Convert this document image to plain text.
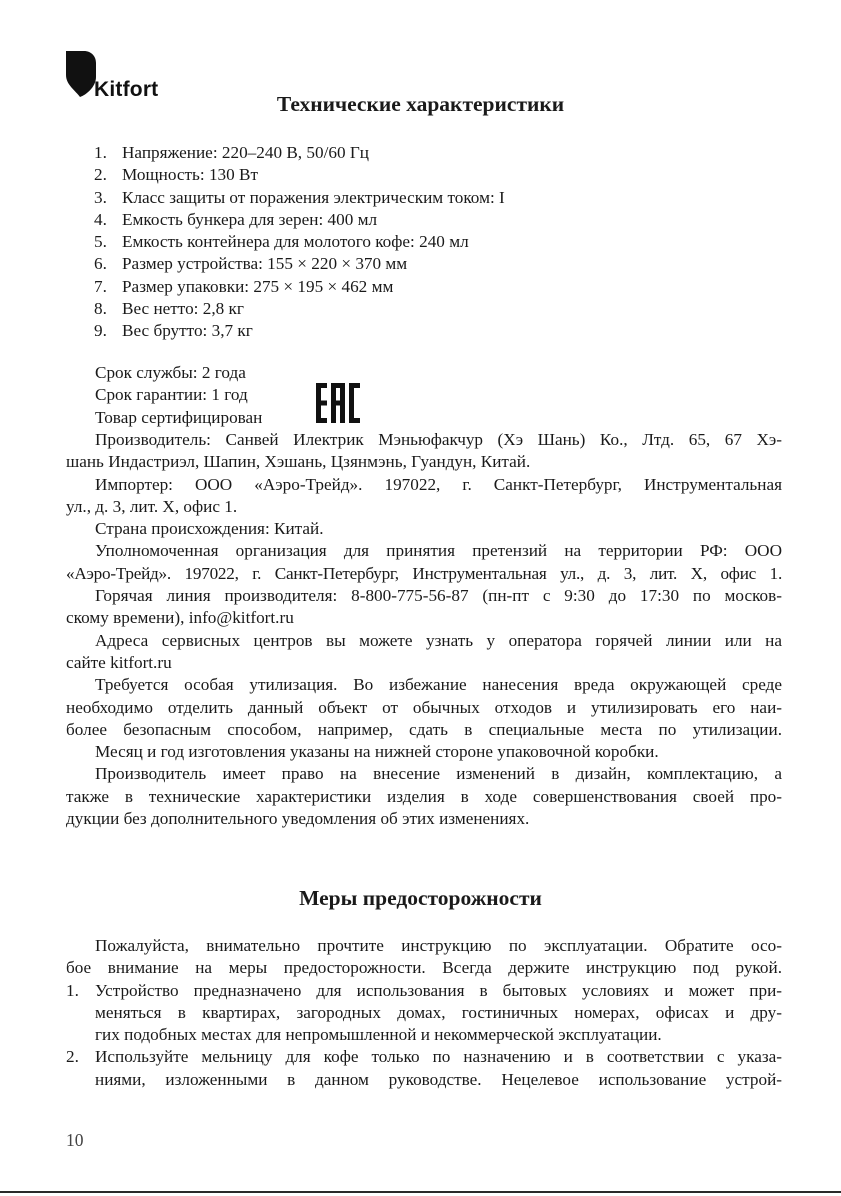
Kitfort
Технические характеристики
1. Напряжение: 220–240 В, 50/60 Гц
2. Мощность: 130 Вт
3. Класс защиты от поражения электрическим током: I
4. Емкость бункера для зерен: 400 мл
5. Емкость контейнера для молотого кофе: 240 мл
6. Размер устройства: 155 × 220 × 370 мм
7. Размер упаковки: 275 × 195 × 462 мм
8. Вес нетто: 2,8 кг
9. Вес брутто: 3,7 кг
Срок службы: 2 года
Срок гарантии: 1 год
Товар сертифицирован
Производитель: Санвей Илектрик Мэньюфакчур (Хэ Шань) Ко., Лтд. 65, 67 Хэ-
шань Индастриэл, Шапин, Хэшань, Цзянмэнь, Гуандун, Китай.
Импортер: ООО «Аэро-Трейд». 197022, г. Санкт-Петербург, Инструментальная
ул., д. 3, лит. Х, офис 1.
Страна происхождения: Китай.
Уполномоченная организация для принятия претензий на территории РФ: ООО
«Аэро-Трейд». 197022, г. Санкт-Петербург, Инструментальная ул., д. 3, лит. Х, офис 1.
Горячая линия производителя: 8-800-775-56-87 (пн-пт с 9:30 до 17:30 по москов-
скому времени), info@kitfort.ru
Адреса сервисных центров вы можете узнать у оператора горячей линии или на
сайте kitfort.ru
Требуется особая утилизация. Во избежание нанесения вреда окружающей среде
необходимо отделить данный объект от обычных отходов и утилизировать его наи-
более безопасным способом, например, сдать в специальные места по утилизации.
Месяц и год изготовления указаны на нижней стороне упаковочной коробки.
Производитель имеет право на внесение изменений в дизайн, комплектацию, а
также в технические характеристики изделия в ходе совершенствования своей про-
дукции без дополнительного уведомления об этих изменениях.
Меры предосторожности
Пожалуйста, внимательно прочтите инструкцию по эксплуатации. Обратите осо-
бое внимание на меры предосторожности. Всегда держите инструкцию под рукой.
1. Устройство предназначено для использования в бытовых условиях и может при-
меняться в квартирах, загородных домах, гостиничных номерах, офисах и дру-
гих подобных местах для непромышленной и некоммерческой эксплуатации.
2. Используйте мельницу для кофе только по назначению и в соответствии с указа-
ниями, изложенными в данном руководстве. Нецелевое использование устрой-
10
